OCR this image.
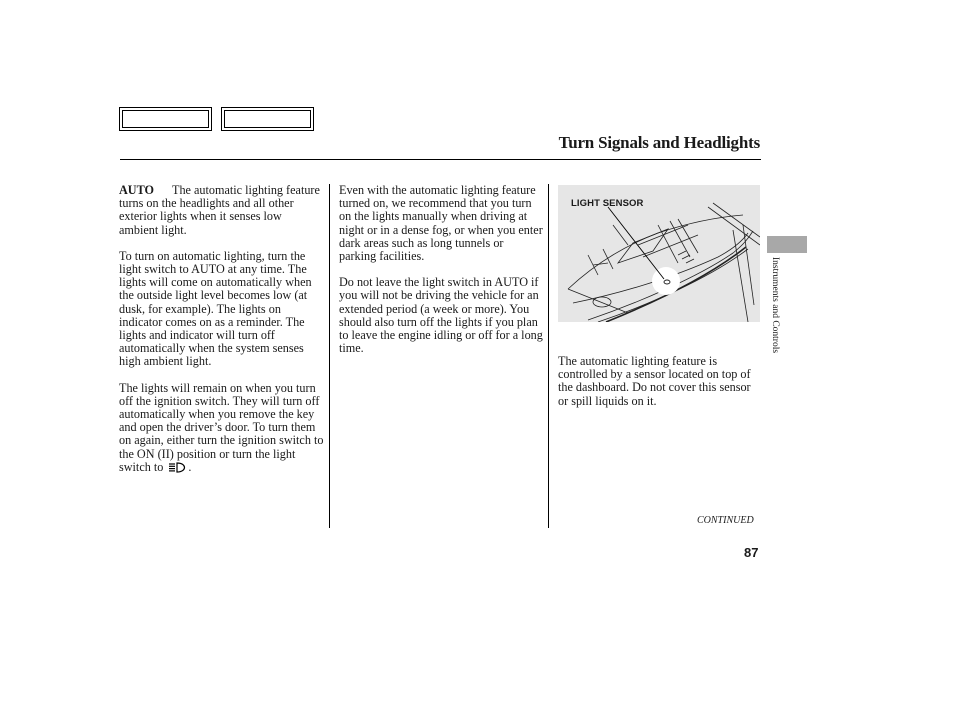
Turn Signals and Headlights

AUTO The automatic lighting feature turns on the headlights and all other exterior lights when it senses low ambient light.

To turn on automatic lighting, turn the light switch to AUTO at any time. The lights will come on automatically when the outside light level becomes low (at dusk, for example). The lights on indicator comes on as a reminder. The lights and indicator will turn off automatically when the system senses high ambient light.

The lights will remain on when you turn off the ignition switch. They will turn off automatically when you remove the key and open the driver’s door. To turn them on again, either turn the ignition switch to the ON (II) position or turn the light switch to .

Even with the automatic lighting feature turned on, we recommend that you turn on the lights manually when driving at night or in a dense fog, or when you enter dark areas such as long tunnels or parking facilities.

Do not leave the light switch in AUTO if you will not be driving the vehicle for an extended period (a week or more). You should also turn off the lights if you plan to leave the engine idling or off for a long time.

LIGHT SENSOR

The automatic lighting feature is controlled by a sensor located on top of the dashboard. Do not cover this sensor or spill liquids on it.

CONTINUED
87
Instruments and Controls
